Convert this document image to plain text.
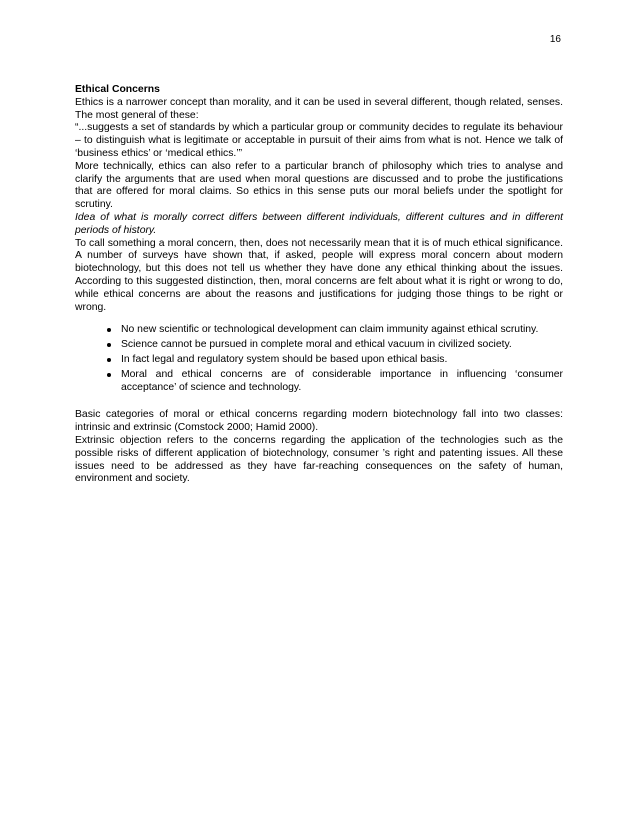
16

Ethical Concerns

Ethics is a narrower concept than morality, and it can be used in several different, though related, senses. The most general of these:

“...suggests a set of standards by which a particular group or community decides to regulate its behaviour – to distinguish what is legitimate or acceptable in pursuit of their aims from what is not. Hence we talk of ‘business ethics’ or ‘medical ethics.’”

More technically, ethics can also refer to a particular branch of philosophy which tries to analyse and clarify the arguments that are used when moral questions are discussed and to probe the justifications that are offered for moral claims. So ethics in this sense puts our moral beliefs under the spotlight for scrutiny.

Idea of what is morally correct differs between different individuals, different cultures and in different periods of history.

To call something a moral concern, then, does not necessarily mean that it is of much ethical significance. A number of surveys have shown that, if asked, people will express moral concern about modern biotechnology, but this does not tell us whether they have done any ethical thinking about the issues. According to this suggested distinction, then, moral concerns are felt about what it is right or wrong to do, while ethical concerns are about the reasons and justifications for judging those things to be right or wrong.

No new scientific or technological development can claim immunity against ethical scrutiny.
Science cannot be pursued in complete moral and ethical vacuum in civilized society.
In fact legal and regulatory system should be based upon ethical basis.
Moral and ethical concerns are of considerable importance in influencing ‘consumer acceptance’ of science and technology.

Basic categories of moral or ethical concerns regarding modern biotechnology fall into two classes: intrinsic and extrinsic (Comstock 2000; Hamid 2000).

Extrinsic objection refers to the concerns regarding the application of the technologies such as the possible risks of different application of biotechnology, consumer ’s right and patenting issues. All these issues need to be addressed as they have far-reaching consequences on the safety of human, environment and society.
